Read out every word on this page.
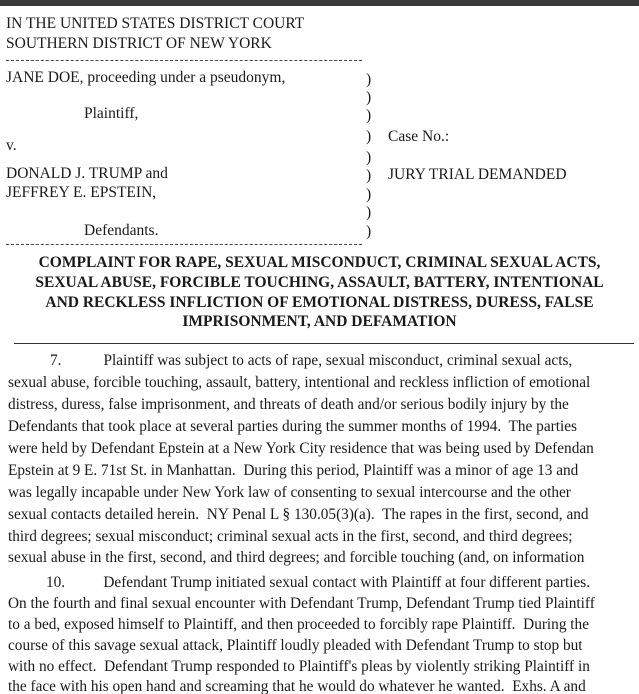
IN THE UNITED STATES DISTRICT COURT
SOUTHERN DISTRICT OF NEW YORK
JANE DOE, proceeding under a pseudonym,
Plaintiff,
v.
DONALD J. TRUMP and
JEFFREY E. EPSTEIN,
Defendants.
)
)
)
)
)
)
)
)
)
Case No.:
JURY TRIAL DEMANDED
COMPLAINT FOR RAPE, SEXUAL MISCONDUCT, CRIMINAL SEXUAL ACTS,
SEXUAL ABUSE, FORCIBLE TOUCHING, ASSAULT, BATTERY, INTENTIONAL
AND RECKLESS INFLICTION OF EMOTIONAL DISTRESS, DURESS, FALSE
IMPRISONMENT, AND DEFAMATION
7.           Plaintiff was subject to acts of rape, sexual misconduct, criminal sexual acts,
sexual abuse, forcible touching, assault, battery, intentional and reckless infliction of emotional
distress, duress, false imprisonment, and threats of death and/or serious bodily injury by the
Defendants that took place at several parties during the summer months of 1994.  The parties
were held by Defendant Epstein at a New York City residence that was being used by Defendan
Epstein at 9 E. 71st St. in Manhattan.  During this period, Plaintiff was a minor of age 13 and
was legally incapable under New York law of consenting to sexual intercourse and the other
sexual contacts detailed herein.  NY Penal L § 130.05(3)(a).  The rapes in the first, second, and
third degrees; sexual misconduct; criminal sexual acts in the first, second, and third degrees;
sexual abuse in the first, second, and third degrees; and forcible touching (and, on information
10.          Defendant Trump initiated sexual contact with Plaintiff at four different parties.
On the fourth and final sexual encounter with Defendant Trump, Defendant Trump tied Plaintiff
to a bed, exposed himself to Plaintiff, and then proceeded to forcibly rape Plaintiff.  During the
course of this savage sexual attack, Plaintiff loudly pleaded with Defendant Trump to stop but
with no effect.  Defendant Trump responded to Plaintiff's pleas by violently striking Plaintiff in
the face with his open hand and screaming that he would do whatever he wanted.  Exhs. A and
